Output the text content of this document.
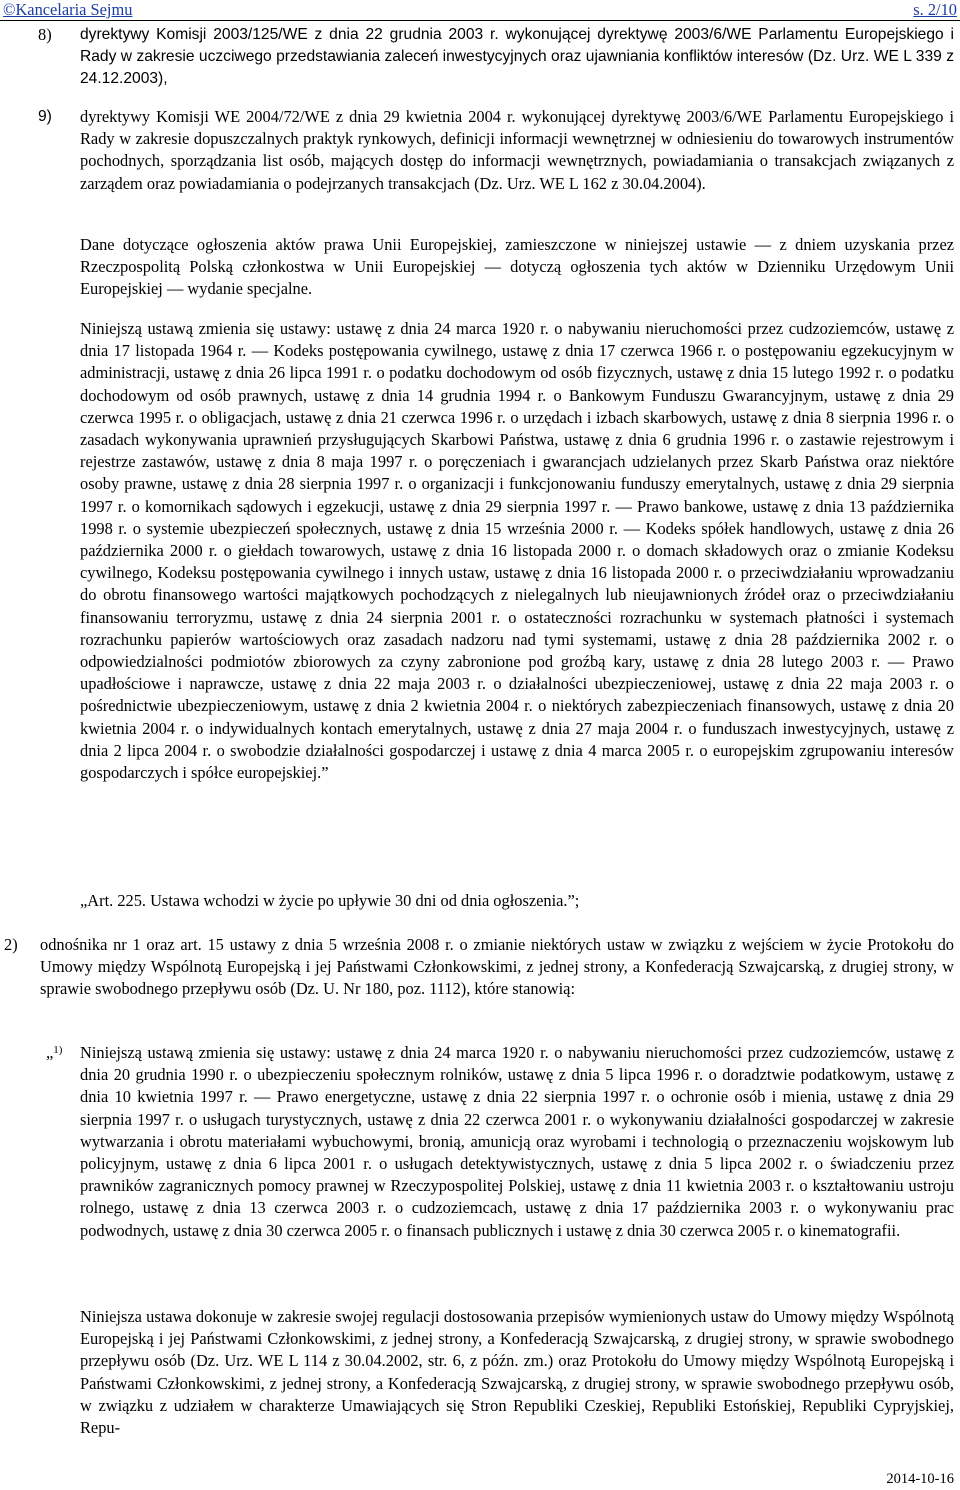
©Kancelaria Sejmu	s. 2/10
8) dyrektywy Komisji 2003/125/WE z dnia 22 grudnia 2003 r. wykonującej dyrektywę 2003/6/WE Parlamentu Europejskiego i Rady w zakresie uczciwego przedstawiania zaleceń inwestycyjnych oraz ujawniania konfliktów interesów (Dz. Urz. WE L 339 z 24.12.2003),
9) dyrektywy Komisji WE 2004/72/WE z dnia 29 kwietnia 2004 r. wykonującej dyrektywę 2003/6/WE Parlamentu Europejskiego i Rady w zakresie dopuszczalnych praktyk rynkowych, definicji informacji wewnętrznej w odniesieniu do towarowych instrumentów pochodnych, sporządzania list osób, mających dostęp do informacji wewnętrznych, powiadamiania o transakcjach związanych z zarządem oraz powiadamiania o podejrzanych transakcjach (Dz. Urz. WE L 162 z 30.04.2004).
Dane dotyczące ogłoszenia aktów prawa Unii Europejskiej, zamieszczone w niniejszej ustawie — z dniem uzyskania przez Rzeczpospolitą Polską członkostwa w Unii Europejskiej — dotyczą ogłoszenia tych aktów w Dzienniku Urzędowym Unii Europejskiej — wydanie specjalne.
Niniejszą ustawą zmienia się ustawy: ustawę z dnia 24 marca 1920 r. o nabywaniu nieruchomości przez cudzoziemców, ustawę z dnia 17 listopada 1964 r. — Kodeks postępowania cywilnego, ustawę z dnia 17 czerwca 1966 r. o postępowaniu egzekucyjnym w administracji, ustawę z dnia 26 lipca 1991 r. o podatku dochodowym od osób fizycznych, ustawę z dnia 15 lutego 1992 r. o podatku dochodowym od osób prawnych, ustawę z dnia 14 grudnia 1994 r. o Bankowym Funduszu Gwarancyjnym, ustawę z dnia 29 czerwca 1995 r. o obligacjach, ustawę z dnia 21 czerwca 1996 r. o urzędach i izbach skarbowych, ustawę z dnia 8 sierpnia 1996 r. o zasadach wykonywania uprawnień przysługujących Skarbowi Państwa, ustawę z dnia 6 grudnia 1996 r. o zastawie rejestrowym i rejestrze zastawów, ustawę z dnia 8 maja 1997 r. o poręczeniach i gwarancjach udzielanych przez Skarb Państwa oraz niektóre osoby prawne, ustawę z dnia 28 sierpnia 1997 r. o organizacji i funkcjonowaniu funduszy emerytalnych, ustawę z dnia 29 sierpnia 1997 r. o komornikach sądowych i egzekucji, ustawę z dnia 29 sierpnia 1997 r. — Prawo bankowe, ustawę z dnia 13 października 1998 r. o systemie ubezpieczeń społecznych, ustawę z dnia 15 września 2000 r. — Kodeks spółek handlowych, ustawę z dnia 26 października 2000 r. o giełdach towarowych, ustawę z dnia 16 listopada 2000 r. o domach składowych oraz o zmianie Kodeksu cywilnego, Kodeksu postępowania cywilnego i innych ustaw, ustawę z dnia 16 listopada 2000 r. o przeciwdziałaniu wprowadzaniu do obrotu finansowego wartości majątkowych pochodzących z nielegalnych lub nieujawnionych źródeł oraz o przeciwdziałaniu finansowaniu terroryzmu, ustawę z dnia 24 sierpnia 2001 r. o ostateczności rozrachunku w systemach płatności i systemach rozrachunku papierów wartościowych oraz zasadach nadzoru nad tymi systemami, ustawę z dnia 28 października 2002 r. o odpowiedzialności podmiotów zbiorowych za czyny zabronione pod groźbą kary, ustawę z dnia 28 lutego 2003 r. — Prawo upadłościowe i naprawcze, ustawę z dnia 22 maja 2003 r. o działalności ubezpieczeniowej, ustawę z dnia 22 maja 2003 r. o pośrednictwie ubezpieczeniowym, ustawę z dnia 2 kwietnia 2004 r. o niektórych zabezpieczeniach finansowych, ustawę z dnia 20 kwietnia 2004 r. o indywidualnych kontach emerytalnych, ustawę z dnia 27 maja 2004 r. o funduszach inwestycyjnych, ustawę z dnia 2 lipca 2004 r. o swobodzie działalności gospodarczej i ustawę z dnia 4 marca 2005 r. o europejskim zgrupowaniu interesów gospodarczych i spółce europejskiej.”
„Art. 225. Ustawa wchodzi w życie po upływie 30 dni od dnia ogłoszenia.”;
2) odnośnika nr 1 oraz art. 15 ustawy z dnia 5 września 2008 r. o zmianie niektórych ustaw w związku z wejściem w życie Protokołu do Umowy między Wspólnotą Europejską i jej Państwami Członkowskimi, z jednej strony, a Konfederacją Szwajcarską, z drugiej strony, w sprawie swobodnego przepływu osób (Dz. U. Nr 180, poz. 1112), które stanowią:
„$^{1)}$ Niniejszą ustawą zmienia się ustawy: ustawę z dnia 24 marca 1920 r. o nabywaniu nieruchomości przez cudzoziemców, ustawę z dnia 20 grudnia 1990 r. o ubezpieczeniu społecznym rolników, ustawę z dnia 5 lipca 1996 r. o doradztwie podatkowym, ustawę z dnia 10 kwietnia 1997 r. — Prawo energetyczne, ustawę z dnia 22 sierpnia 1997 r. o ochronie osób i mienia, ustawę z dnia 29 sierpnia 1997 r. o usługach turystycznych, ustawę z dnia 22 czerwca 2001 r. o wykonywaniu działalności gospodarczej w zakresie wytwarzania i obrotu materiałami wybuchowymi, bronią, amunicją oraz wyrobami i technologią o przeznaczeniu wojskowym lub policyjnym, ustawę z dnia 6 lipca 2001 r. o usługach detektywistycznych, ustawę z dnia 5 lipca 2002 r. o świadczeniu przez prawników zagranicznych pomocy prawnej w Rzeczypospolitej Polskiej, ustawę z dnia 11 kwietnia 2003 r. o kształtowaniu ustroju rolnego, ustawę z dnia 13 czerwca 2003 r. o cudzoziemcach, ustawę z dnia 17 października 2003 r. o wykonywaniu prac podwodnych, ustawę z dnia 30 czerwca 2005 r. o finansach publicznych i ustawę z dnia 30 czerwca 2005 r. o kinematografii.
Niniejsza ustawa dokonuje w zakresie swojej regulacji dostosowania przepisów wymienionych ustaw do Umowy między Wspólnotą Europejską i jej Państwami Członkowskimi, z jednej strony, a Konfederacją Szwajcarską, z drugiej strony, w sprawie swobodnego przepływu osób (Dz. Urz. WE L 114 z 30.04.2002, str. 6, z późn. zm.) oraz Protokołu do Umowy między Wspólnotą Europejską i Państwami Członkowskimi, z jednej strony, a Konfederacją Szwajcarską, z drugiej strony, w sprawie swobodnego przepływu osób, w związku z udziałem w charakterze Umawiających się Stron Republiki Czeskiej, Republiki Estońskiej, Republiki Cypryjskiej, Repu-
2014-10-16
